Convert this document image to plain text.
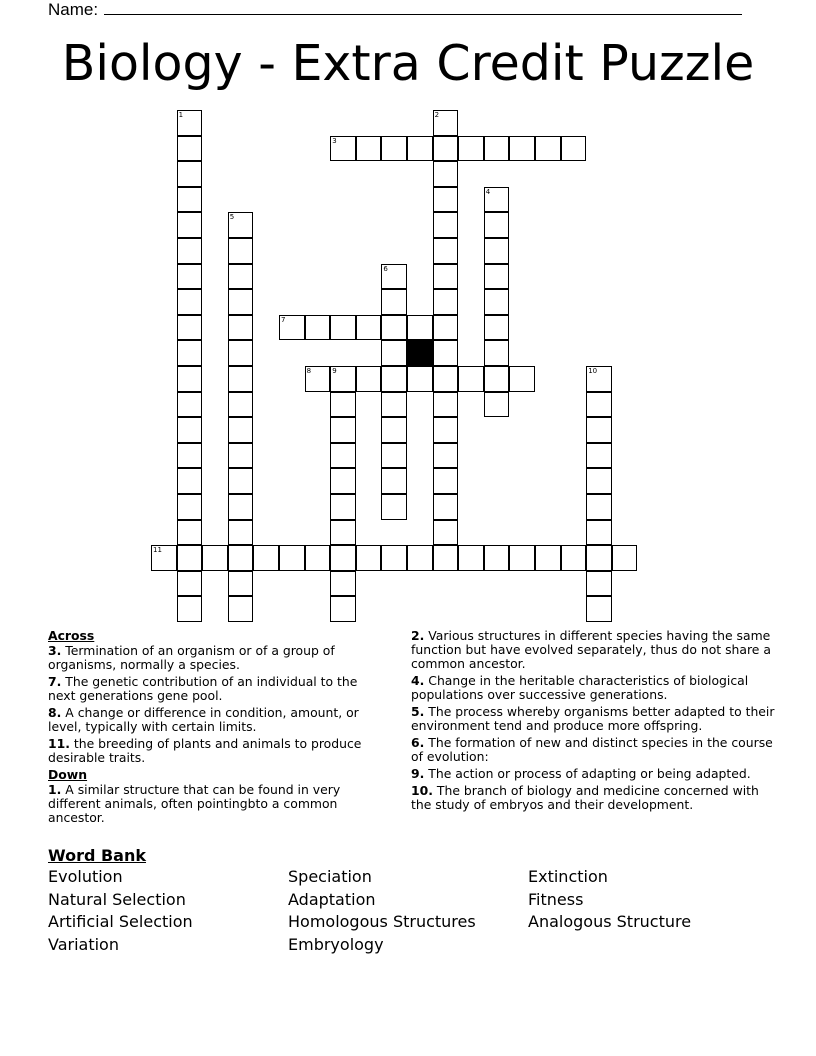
Name:
Biology - Extra Credit Puzzle
1	2
3
4
5
6
7
8	9	10
11
Across
3. Termination of an organism or of a group of organisms, normally a species.
7. The genetic contribution of an individual to the next generations gene pool.
8. A change or difference in condition, amount, or level, typically with certain limits.
11. the breeding of plants and animals to produce desirable traits.
Down
1. A similar structure that can be found in very different animals, often pointingbto a common ancestor.
2. Various structures in different species having the same function but have evolved separately, thus do not share a common ancestor.
4. Change in the heritable characteristics of biological populations over successive generations.
5. The process whereby organisms better adapted to their environment tend and produce more offspring.
6. The formation of new and distinct species in the course of evolution:
9. The action or process of adapting or being adapted.
10. The branch of biology and medicine concerned with the study of embryos and their development.
Word Bank
Evolution	Speciation	Extinction
Natural Selection	Adaptation	Fitness
Artificial Selection	Homologous Structures	Analogous Structure
Variation	Embryology
